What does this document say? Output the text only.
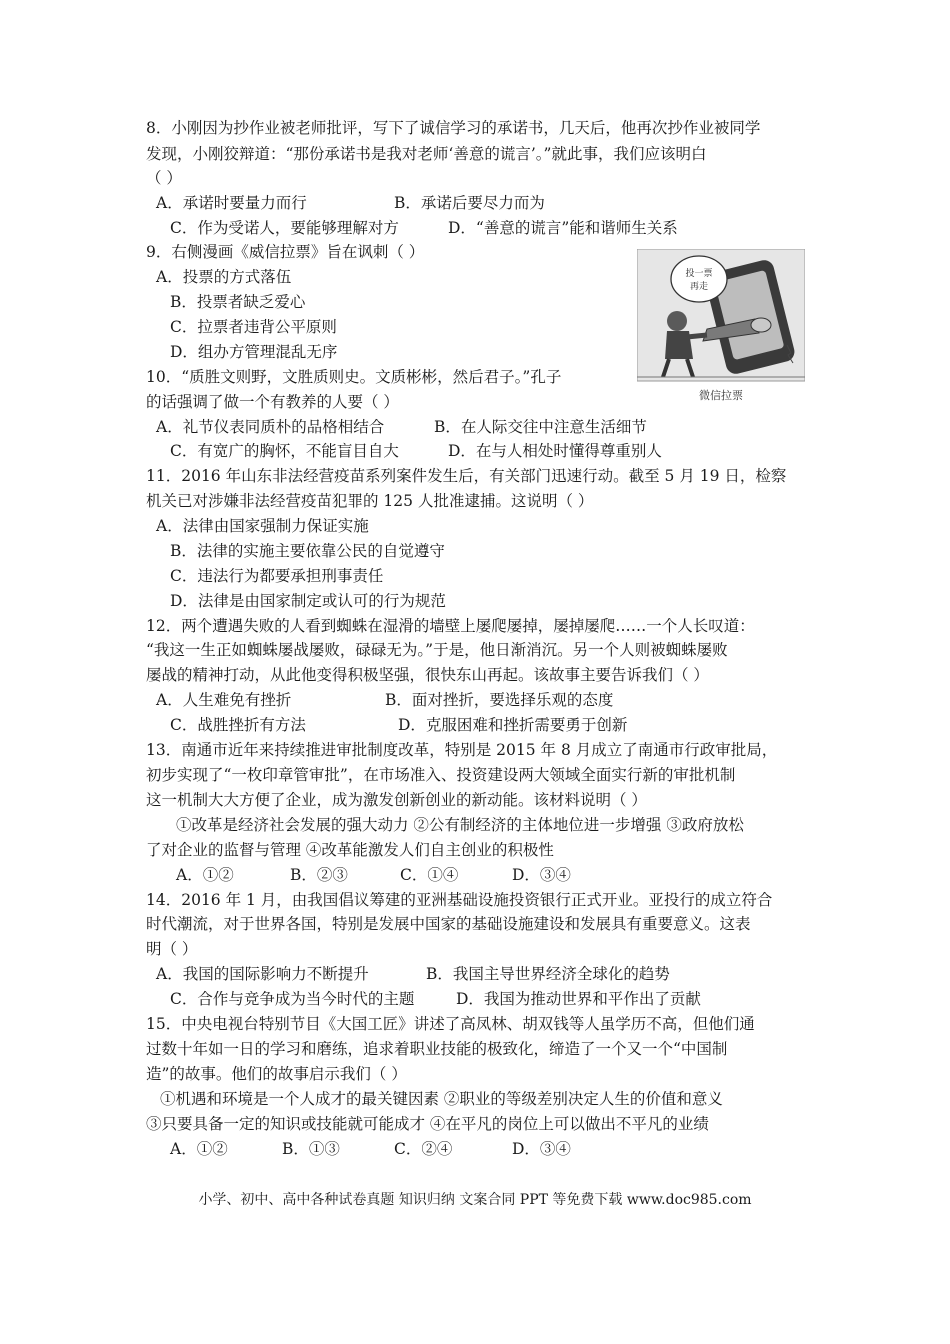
8．小刚因为抄作业被老师批评，写下了诚信学习的承诺书，几天后，他再次抄作业被同学
发现，小刚狡辩道：“那份承诺书是我对老师‘善意的谎言’。”就此事，我们应该明白
（ ）
A．承诺时要量力而行	B．承诺后要尽力而为
C．作为受诺人，要能够理解对方	D．“善意的谎言”能和谐师生关系
9．右侧漫画《威信拉票》旨在讽刺（ ）
A．投票的方式落伍
B．投票者缺乏爱心
C．拉票者违背公平原则
D．组办方管理混乱无序
投一票
再走
微信拉票
10．“质胜文则野，文胜质则史。文质彬彬，然后君子。”孔子
的话强调了做一个有教养的人要（ ）
A．礼节仪表同质朴的品格相结合	B．在人际交往中注意生活细节
C．有宽广的胸怀，不能盲目自大	D．在与人相处时懂得尊重别人
11．2016 年山东非法经营疫苗系列案件发生后，有关部门迅速行动。截至 5 月 19 日，检察
机关已对涉嫌非法经营疫苗犯罪的 125 人批准逮捕。这说明（ ）
A．法律由国家强制力保证实施
B．法律的实施主要依靠公民的自觉遵守
C．违法行为都要承担刑事责任
D．法律是由国家制定或认可的行为规范
12．两个遭遇失败的人看到蜘蛛在湿滑的墙壁上屡爬屡掉，屡掉屡爬……一个人长叹道：
“我这一生正如蜘蛛屡战屡败，碌碌无为。”于是，他日渐消沉。另一个人则被蜘蛛屡败
屡战的精神打动，从此他变得积极坚强，很快东山再起。该故事主要告诉我们（ ）
A．人生难免有挫折	B．面对挫折，要选择乐观的态度
C．战胜挫折有方法	D．克服困难和挫折需要勇于创新
13．南通市近年来持续推进审批制度改革，特别是 2015 年 8 月成立了南通市行政审批局，
初步实现了“一枚印章管审批”，在市场准入、投资建设两大领域全面实行新的审批机制
这一机制大大方便了企业，成为激发创新创业的新动能。该材料说明（ ）
①改革是经济社会发展的强大动力 ②公有制经济的主体地位进一步增强 ③政府放松
了对企业的监督与管理 ④改革能激发人们自主创业的积极性
A．①②	B．②③	C．①④	D．③④
14．2016 年 1 月，由我国倡议筹建的亚洲基础设施投资银行正式开业。亚投行的成立符合
时代潮流，对于世界各国，特别是发展中国家的基础设施建设和发展具有重要意义。这表
明（ ）
A．我国的国际影响力不断提升	B．我国主导世界经济全球化的趋势
C．合作与竞争成为当今时代的主题	D．我国为推动世界和平作出了贡献
15．中央电视台特别节目《大国工匠》讲述了高凤林、胡双钱等人虽学历不高，但他们通
过数十年如一日的学习和磨练，追求着职业技能的极致化，缔造了一个又一个“中国制
造”的故事。他们的故事启示我们（ ）
①机遇和环境是一个人成才的最关键因素 ②职业的等级差别决定人生的价值和意义
③只要具备一定的知识或技能就可能成才 ④在平凡的岗位上可以做出不平凡的业绩
A．①②	B．①③	C．②④	D．③④
小学、初中、高中各种试卷真题 知识归纳 文案合同 PPT 等免费下载 www.doc985.com
